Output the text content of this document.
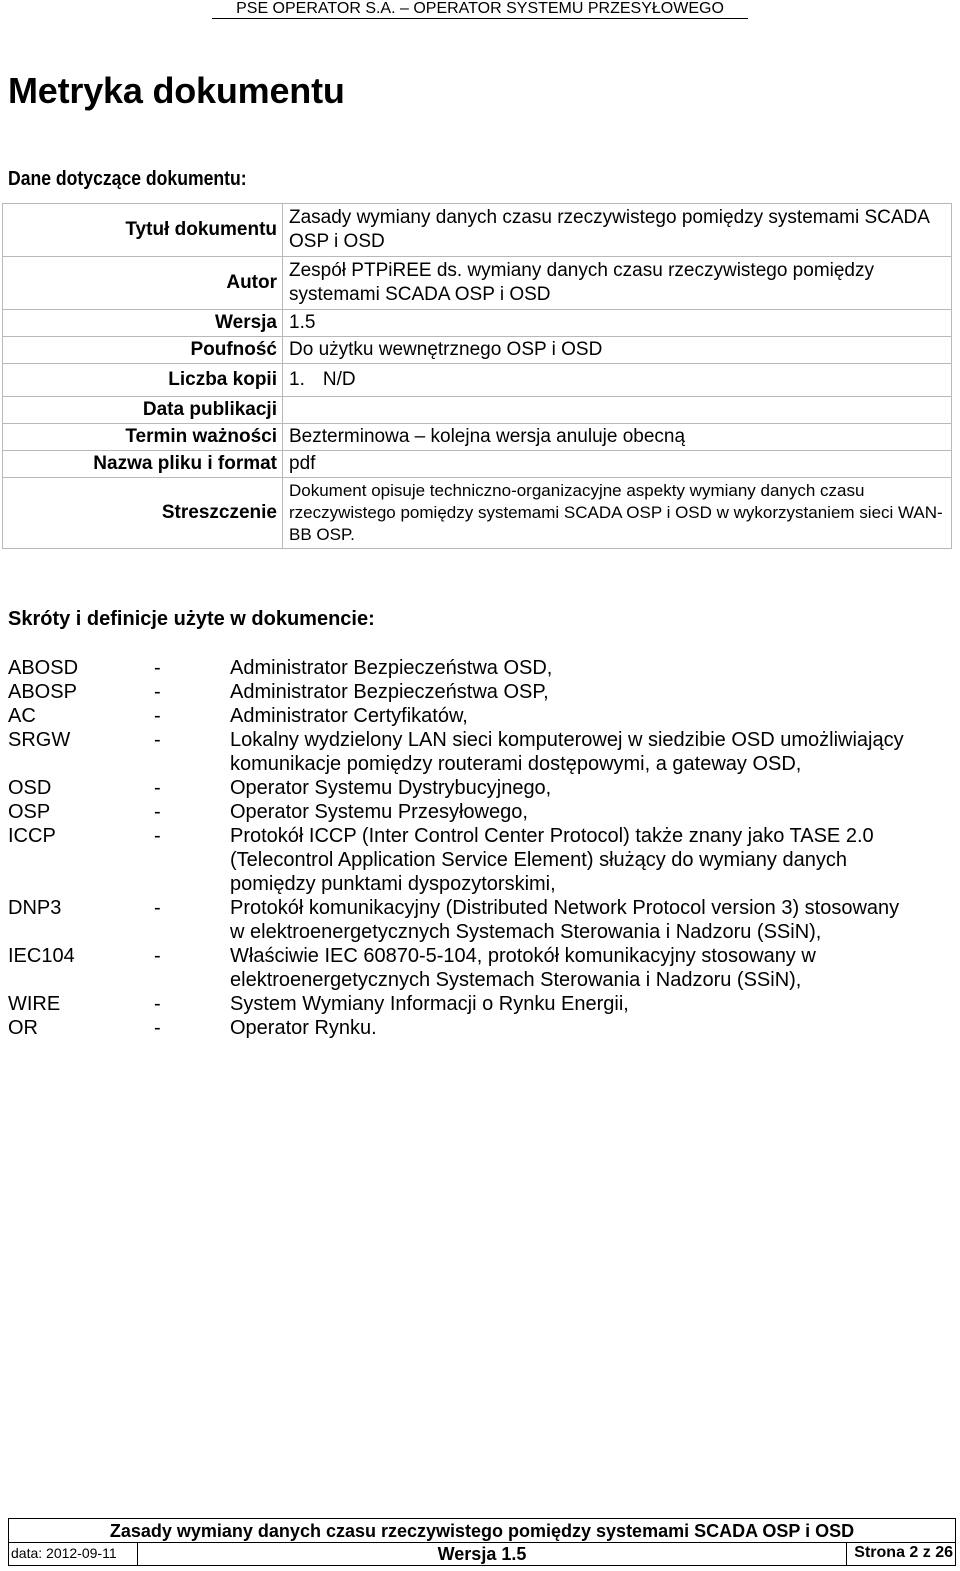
PSE OPERATOR S.A. – OPERATOR SYSTEMU PRZESYŁOWEGO
Metryka dokumentu
Dane dotyczące dokumentu:
Tytuł dokumentu	Zasady wymiany danych czasu rzeczywistego pomiędzy systemami SCADA OSP i OSD
Autor	Zespół PTPiREE ds. wymiany danych czasu rzeczywistego pomiędzy systemami SCADA OSP i OSD
Wersja	1.5
Poufność	Do użytku wewnętrznego OSP i OSD
Liczba kopii	1. N/D
Data publikacji	
Termin ważności	Bezterminowa – kolejna wersja anuluje obecną
Nazwa pliku i format	pdf
Streszczenie	Dokument opisuje techniczno-organizacyjne aspekty wymiany danych czasu rzeczywistego pomiędzy systemami SCADA OSP i OSD w wykorzystaniem sieci WAN-BB OSP.
Skróty i definicje użyte w dokumencie:
ABOSD	-	Administrator Bezpieczeństwa OSD,
ABOSP	-	Administrator Bezpieczeństwa OSP,
AC	-	Administrator Certyfikatów,
SRGW	-	Lokalny wydzielony LAN sieci komputerowej w siedzibie OSD umożliwiający
komunikacje pomiędzy routerami dostępowymi, a gateway OSD,
OSD	-	Operator Systemu Dystrybucyjnego,
OSP	-	Operator Systemu Przesyłowego,
ICCP	-	Protokół ICCP (Inter Control Center Protocol) także znany jako TASE 2.0
(Telecontrol Application Service Element) służący do wymiany danych
pomiędzy punktami dyspozytorskimi,
DNP3	-	Protokół komunikacyjny (Distributed Network Protocol version 3) stosowany
w elektroenergetycznych Systemach Sterowania i Nadzoru (SSiN),
IEC104	-	Właściwie IEC 60870-5-104, protokół komunikacyjny stosowany w
elektroenergetycznych Systemach Sterowania i Nadzoru (SSiN),
WIRE	-	System Wymiany Informacji o Rynku Energii,
OR	-	Operator Rynku.
Zasady wymiany danych czasu rzeczywistego pomiędzy systemami SCADA OSP i OSD
data: 2012-09-11	Wersja 1.5	Strona 2 z 26
